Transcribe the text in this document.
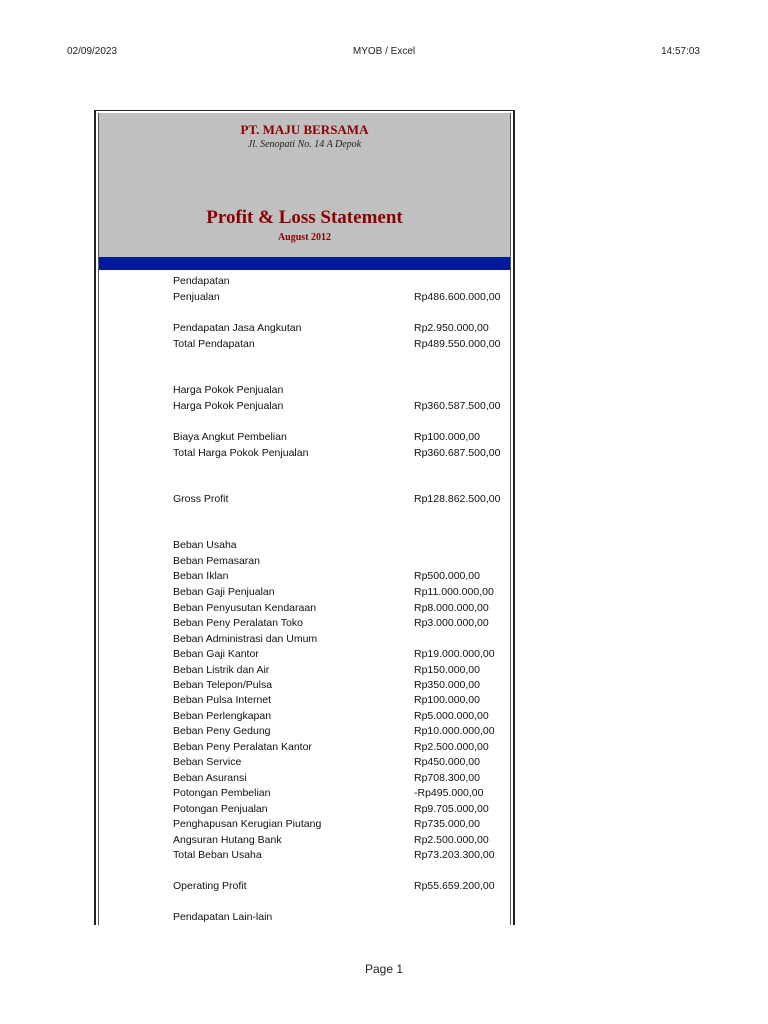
02/09/2023	MYOB / Excel	14:57:03
PT. MAJU BERSAMA
Jl. Senopati No. 14 A Depok
Profit & Loss Statement
August 2012
Pendapatan
Penjualan	Rp486.600.000,00
Pendapatan Jasa Angkutan	Rp2.950.000,00
Total Pendapatan	Rp489.550.000,00
Harga Pokok Penjualan
Harga Pokok Penjualan	Rp360.587.500,00
Biaya Angkut Pembelian	Rp100.000,00
Total Harga Pokok Penjualan	Rp360.687.500,00
Gross Profit	Rp128.862.500,00
Beban Usaha
Beban Pemasaran
Beban Iklan	Rp500.000,00
Beban Gaji Penjualan	Rp11.000.000,00
Beban Penyusutan Kendaraan	Rp8.000.000,00
Beban Peny Peralatan Toko	Rp3.000.000,00
Beban Administrasi dan Umum
Beban Gaji Kantor	Rp19.000.000,00
Beban Listrik dan Air	Rp150.000,00
Beban Telepon/Pulsa	Rp350.000,00
Beban Pulsa Internet	Rp100.000,00
Beban Perlengkapan	Rp5.000.000,00
Beban Peny Gedung	Rp10.000.000,00
Beban Peny Peralatan Kantor	Rp2.500.000,00
Beban Service	Rp450.000,00
Beban Asuransi	Rp708.300,00
Potongan Pembelian	-Rp495.000,00
Potongan Penjualan	Rp9.705.000,00
Penghapusan Kerugian Piutang	Rp735.000,00
Angsuran Hutang Bank	Rp2.500.000,00
Total Beban Usaha	Rp73.203.300,00
Operating Profit	Rp55.659.200,00
Pendapatan Lain-lain
Page 1
